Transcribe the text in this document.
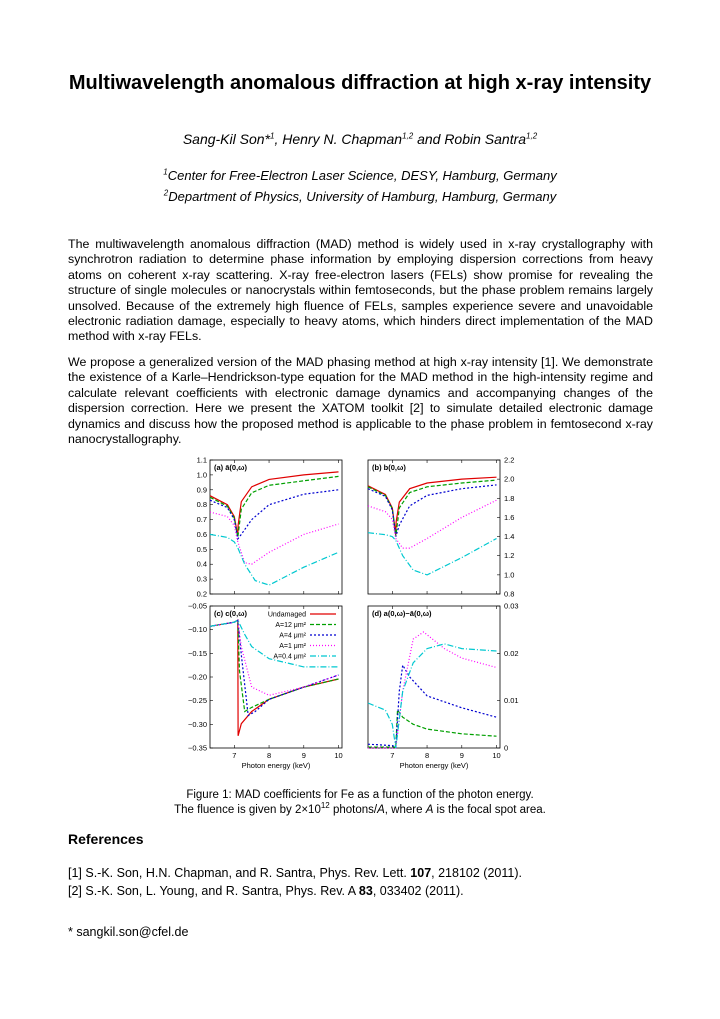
Multiwavelength anomalous diffraction at high x-ray intensity
Sang-Kil Son*$^1$, Henry N. Chapman$^{1,2}$ and Robin Santra$^{1,2}$
$^1$Center for Free-Electron Laser Science, DESY, Hamburg, Germany
$^2$Department of Physics, University of Hamburg, Hamburg, Germany
The multiwavelength anomalous diffraction (MAD) method is widely used in x-ray crystallography with synchrotron radiation to determine phase information by employing dispersion corrections from heavy atoms on coherent x-ray scattering. X-ray free-electron lasers (FELs) show promise for revealing the structure of single molecules or nanocrystals within femtoseconds, but the phase problem remains largely unsolved. Because of the extremely high fluence of FELs, samples experience severe and unavoidable electronic radiation damage, especially to heavy atoms, which hinders direct implementation of the MAD method with x-ray FELs.
We propose a generalized version of the MAD phasing method at high x-ray intensity [1]. We demonstrate the existence of a Karle–Hendrickson-type equation for the MAD method in the high-intensity regime and calculate relevant coefficients with electronic damage dynamics and accompanying changes of the dispersion correction. Here we present the XATOM toolkit [2] to simulate detailed electronic damage dynamics and discuss how the proposed method is applicable to the phase problem in femtosecond x-ray nanocrystallography.
0.2
0.3
0.4
0.5
0.6
0.7
0.8
0.9
1.0
1.1
(a) ā(0,ω)
0.8
1.0
1.2
1.4
1.6
1.8
2.0
2.2
(b) b(0,ω)
−0.35
−0.30
−0.25
−0.20
−0.15
−0.10
−0.05
7	8	9	10
Photon energy (keV)
(c) c(0,ω)	Undamaged
A=12 μm²
A=4 μm²
A=1 μm²
A=0.4 μm²
0
0.01
0.02
0.03
7	8	9	10
Photon energy (keV)
(d) a(0,ω)−ā(0,ω)
Figure 1: MAD coefficients for Fe as a function of the photon energy.
The fluence is given by $2\times 10^{12}$ photons/A, where A is the focal spot area.
References
[1] S.-K. Son, H.N. Chapman, and R. Santra, Phys. Rev. Lett. 107, 218102 (2011).
[2] S.-K. Son, L. Young, and R. Santra, Phys. Rev. A 83, 033402 (2011).
* sangkil.son@cfel.de
